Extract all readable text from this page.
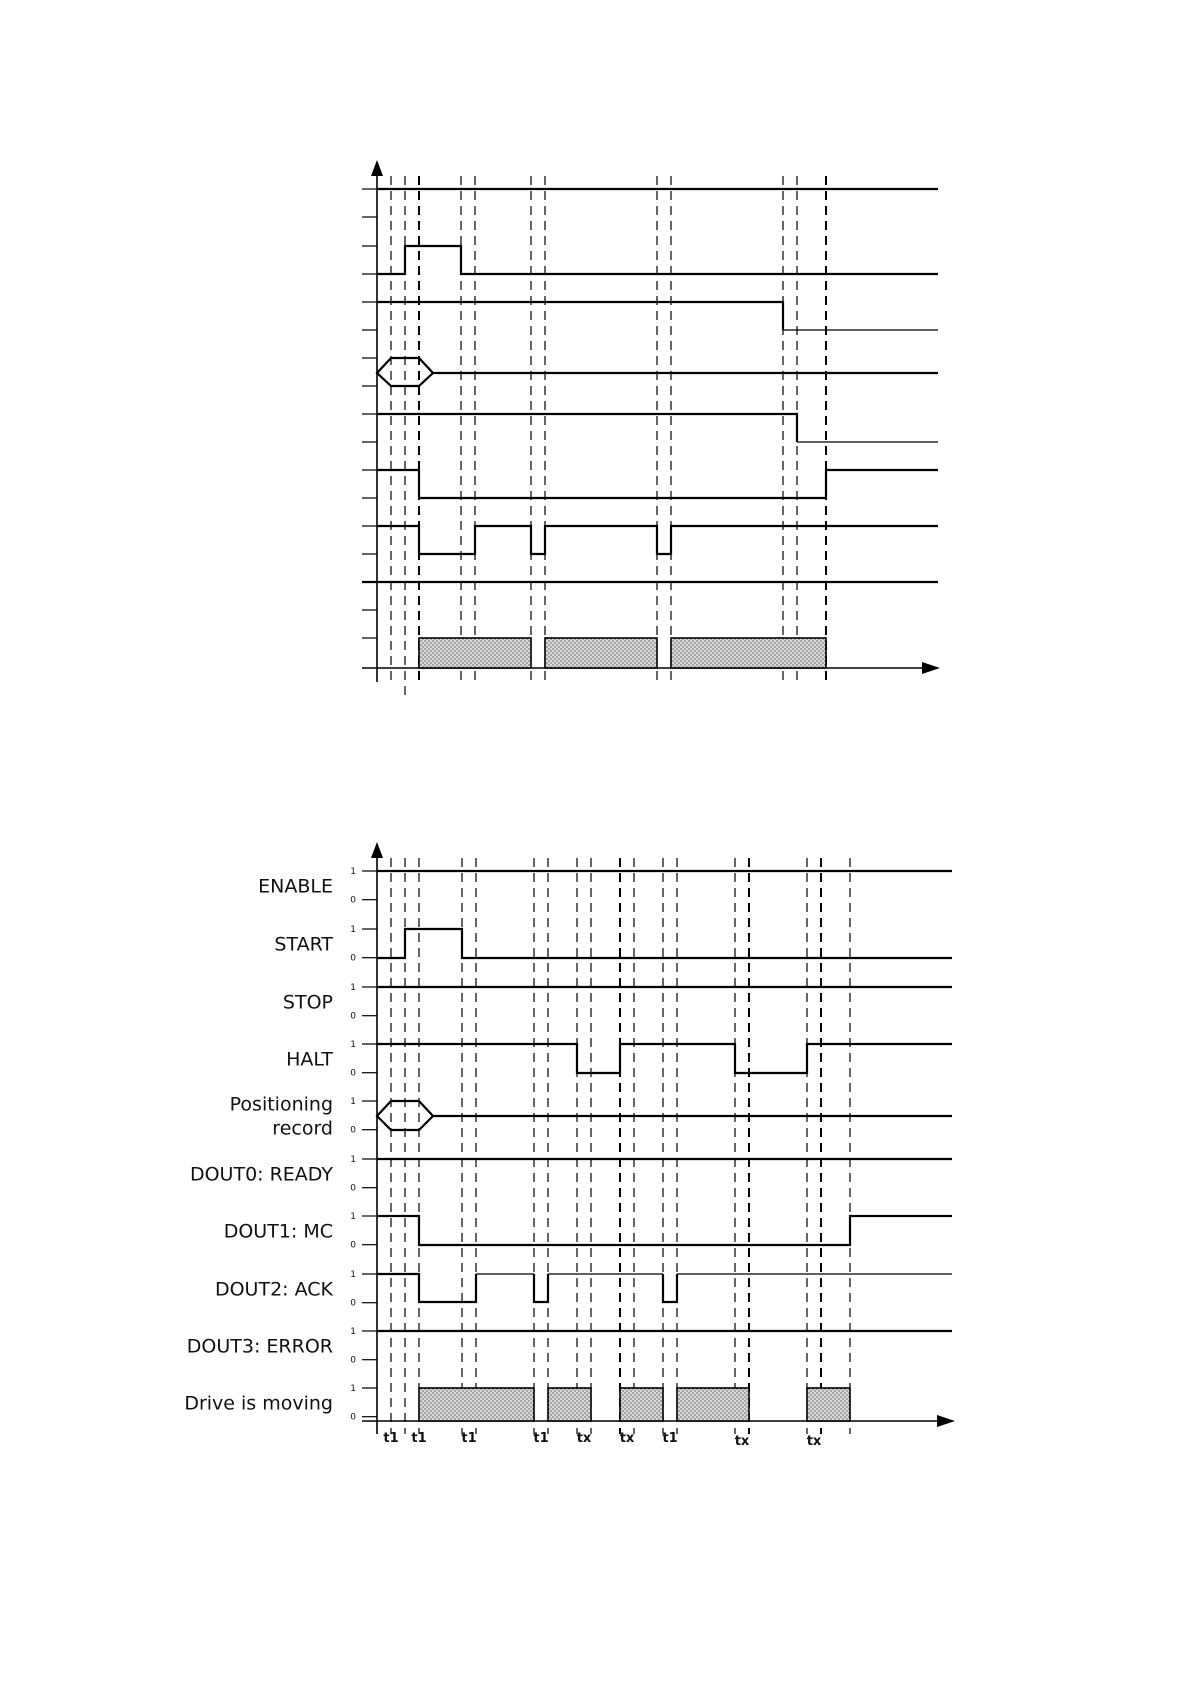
ENABLE
START
STOP
HALT
Positioning record
DOUT0: READY
DOUT1: MC
DOUT2: ACK
DOUT3: ERROR
Drive is moving
1
0
1
0
1
0
1
0
1
0
1
0
1
0
1
0
1
0
1
0
t1 t1	t1	t1 tx tx t1	tx	tx
